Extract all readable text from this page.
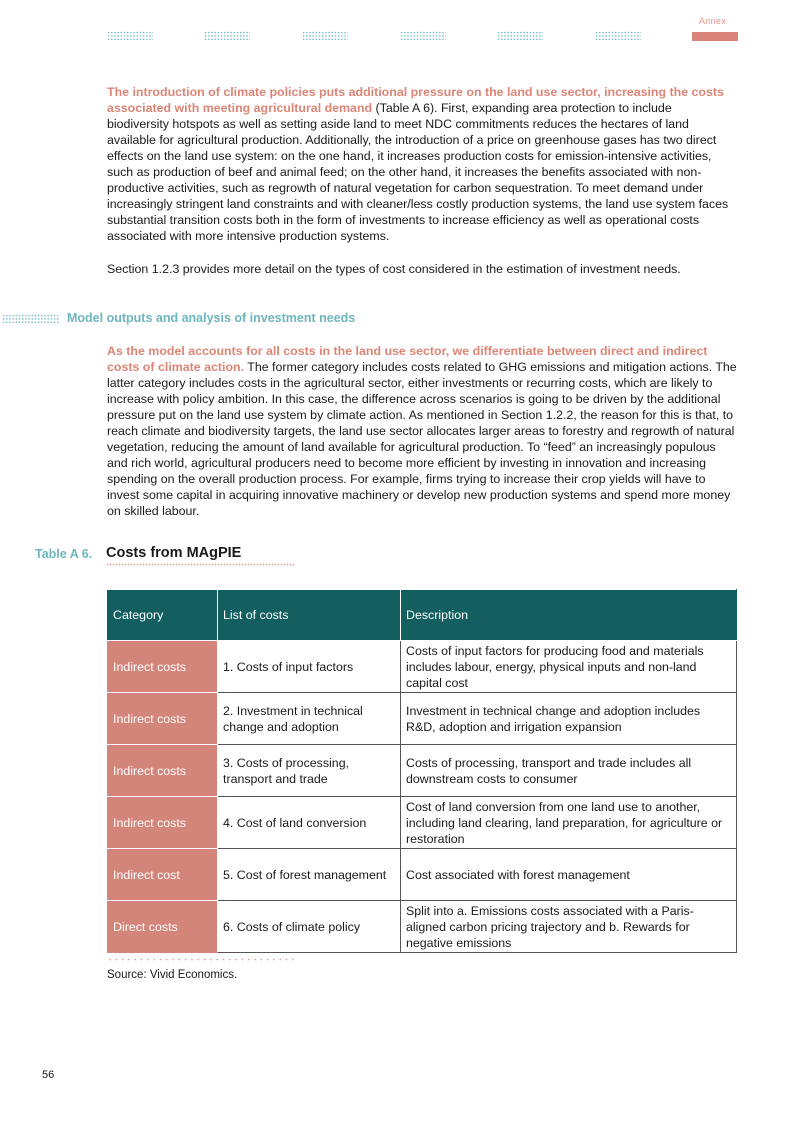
Annex

The introduction of climate policies puts additional pressure on the land use sector, increasing the costs associated with meeting agricultural demand (Table A 6). First, expanding area protection to include biodiversity hotspots as well as setting aside land to meet NDC commitments reduces the hectares of land available for agricultural production. Additionally, the introduction of a price on greenhouse gases has two direct effects on the land use system: on the one hand, it increases production costs for emission-intensive activities, such as production of beef and animal feed; on the other hand, it increases the benefits associated with non-productive activities, such as regrowth of natural vegetation for carbon sequestration. To meet demand under increasingly stringent land constraints and with cleaner/less costly production systems, the land use system faces substantial transition costs both in the form of investments to increase efficiency as well as operational costs associated with more intensive production systems.

Section 1.2.3 provides more detail on the types of cost considered in the estimation of investment needs.

Model outputs and analysis of investment needs

As the model accounts for all costs in the land use sector, we differentiate between direct and indirect costs of climate action. The former category includes costs related to GHG emissions and mitigation actions. The latter category includes costs in the agricultural sector, either investments or recurring costs, which are likely to increase with policy ambition. In this case, the difference across scenarios is going to be driven by the additional pressure put on the land use system by climate action. As mentioned in Section 1.2.2, the reason for this is that, to reach climate and biodiversity targets, the land use sector allocates larger areas to forestry and regrowth of natural vegetation, reducing the amount of land available for agricultural production. To “feed” an increasingly populous and rich world, agricultural producers need to become more efficient by investing in innovation and increasing spending on the overall production process. For example, firms trying to increase their crop yields will have to invest some capital in acquiring innovative machinery or develop new production systems and spend more money on skilled labour.

Table A 6. Costs from MAgPIE
Category	List of costs	Description
Indirect costs	1. Costs of input factors	Costs of input factors for producing food and materials includes labour, energy, physical inputs and non-land capital cost
Indirect costs	2. Investment in technical change and adoption	Investment in technical change and adoption includes R&D, adoption and irrigation expansion
Indirect costs	3. Costs of processing, transport and trade	Costs of processing, transport and trade includes all downstream costs to consumer
Indirect costs	4. Cost of land conversion	Cost of land conversion from one land use to another, including land clearing, land preparation, for agriculture or restoration
Indirect cost	5. Cost of forest management	Cost associated with forest management
Direct costs	6. Costs of climate policy	Split into a. Emissions costs associated with a Paris-aligned carbon pricing trajectory and b. Rewards for negative emissions
Source: Vivid Economics.
56
